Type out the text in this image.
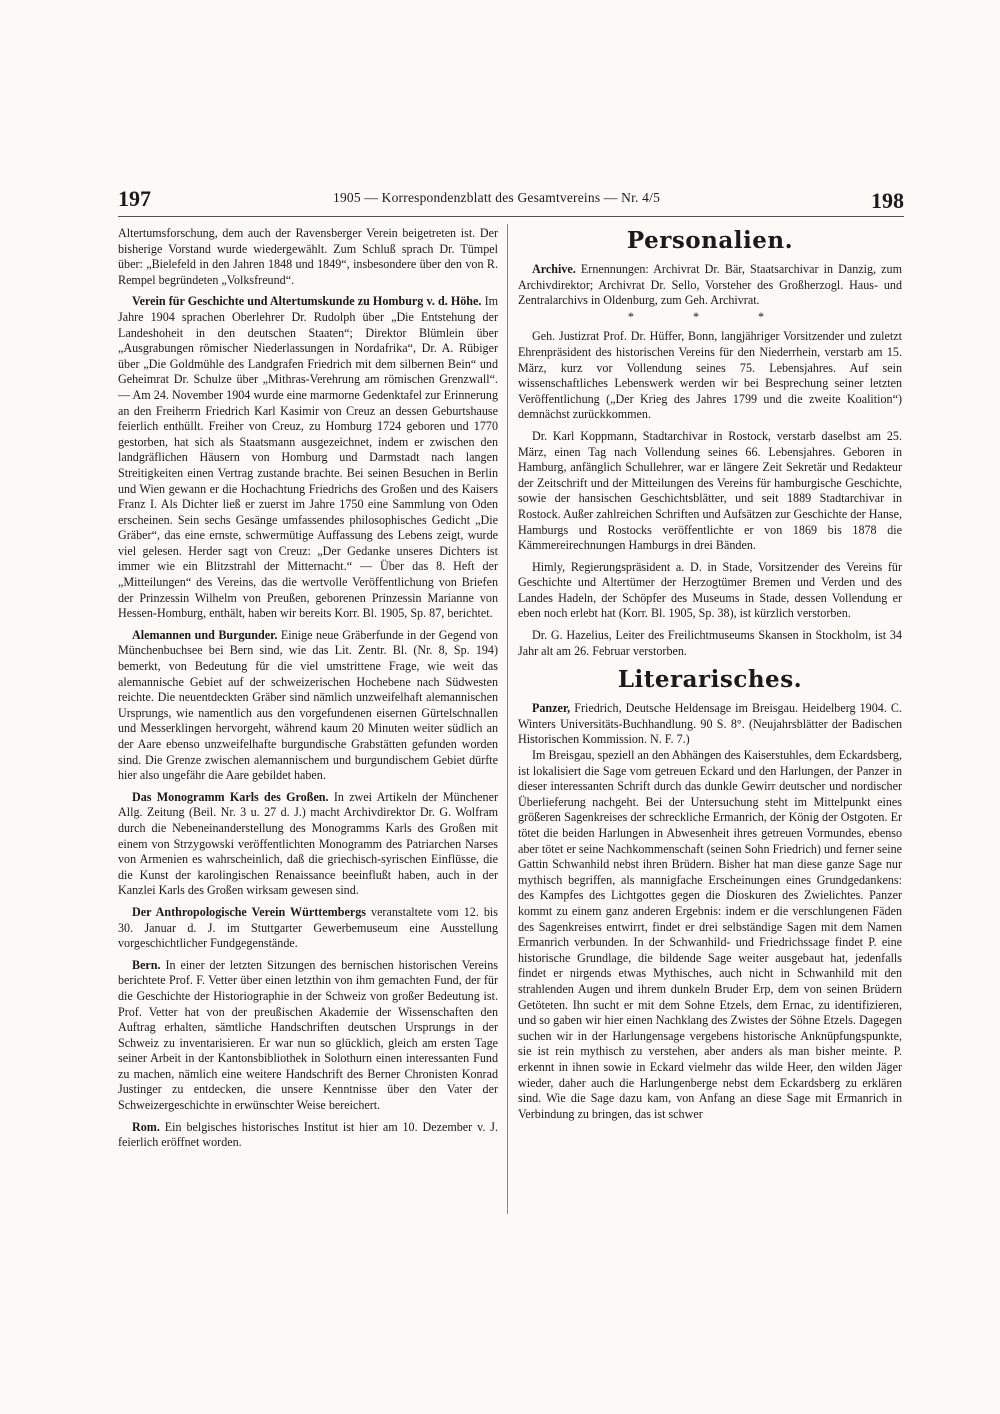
197	1905 — Korrespondenzblatt des Gesamtvereins — Nr. 4/5	198

Altertumsforschung, dem auch der Ravensberger Verein beigetreten ist. Der bisherige Vorstand wurde wiedergewählt. Zum Schluß sprach Dr. Tümpel über: „Bielefeld in den Jahren 1848 und 1849“, insbesondere über den von R. Rempel begründeten „Volksfreund“.

Verein für Geschichte und Altertumskunde zu Homburg v. d. Höhe. Im Jahre 1904 sprachen Oberlehrer Dr. Rudolph über „Die Entstehung der Landeshoheit in den deutschen Staaten“; Direktor Blümlein über „Ausgrabungen römischer Niederlassungen in Nordafrika“, Dr. A. Rübiger über „Die Goldmühle des Landgrafen Friedrich mit dem silbernen Bein“ und Geheimrat Dr. Schulze über „Mithras-Verehrung am römischen Grenzwall“. — Am 24. November 1904 wurde eine marmorne Gedenktafel zur Erinnerung an den Freiherrn Friedrich Karl Kasimir von Creuz an dessen Geburtshause feierlich enthüllt. Freiher von Creuz, zu Homburg 1724 geboren und 1770 gestorben, hat sich als Staatsmann ausgezeichnet, indem er zwischen den landgräflichen Häusern von Homburg und Darmstadt nach langen Streitigkeiten einen Vertrag zustande brachte. Bei seinen Besuchen in Berlin und Wien gewann er die Hochachtung Friedrichs des Großen und des Kaisers Franz I. Als Dichter ließ er zuerst im Jahre 1750 eine Sammlung von Oden erscheinen. Sein sechs Gesänge umfassendes philosophisches Gedicht „Die Gräber“, das eine ernste, schwermütige Auffassung des Lebens zeigt, wurde viel gelesen. Herder sagt von Creuz: „Der Gedanke unseres Dichters ist immer wie ein Blitzstrahl der Mitternacht.“ — Über das 8. Heft der „Mitteilungen“ des Vereins, das die wertvolle Veröffentlichung von Briefen der Prinzessin Wilhelm von Preußen, geborenen Prinzessin Marianne von Hessen-Homburg, enthält, haben wir bereits Korr. Bl. 1905, Sp. 87, berichtet.

Alemannen und Burgunder. Einige neue Gräberfunde in der Gegend von Münchenbuchsee bei Bern sind, wie das Lit. Zentr. Bl. (Nr. 8, Sp. 194) bemerkt, von Bedeutung für die viel umstrittene Frage, wie weit das alemannische Gebiet auf der schweizerischen Hochebene nach Südwesten reichte. Die neuentdeckten Gräber sind nämlich unzweifelhaft alemannischen Ursprungs, wie namentlich aus den vorgefundenen eisernen Gürtelschnallen und Messerklingen hervorgeht, während kaum 20 Minuten weiter südlich an der Aare ebenso unzweifelhafte burgundische Grabstätten gefunden worden sind. Die Grenze zwischen alemannischem und burgundischem Gebiet dürfte hier also ungefähr die Aare gebildet haben.

Das Monogramm Karls des Großen. In zwei Artikeln der Münchener Allg. Zeitung (Beil. Nr. 3 u. 27 d. J.) macht Archivdirektor Dr. G. Wolfram durch die Nebeneinanderstellung des Monogramms Karls des Großen mit einem von Strzygowski veröffentlichten Monogramm des Patriarchen Narses von Armenien es wahrscheinlich, daß die griechisch-syrischen Einflüsse, die die Kunst der karolingischen Renaissance beeinflußt haben, auch in der Kanzlei Karls des Großen wirksam gewesen sind.

Der Anthropologische Verein Württembergs veranstaltete vom 12. bis 30. Januar d. J. im Stuttgarter Gewerbemuseum eine Ausstellung vorgeschichtlicher Fundgegenstände.

Bern. In einer der letzten Sitzungen des bernischen historischen Vereins berichtete Prof. F. Vetter über einen letzthin von ihm gemachten Fund, der für die Geschichte der Historiographie in der Schweiz von großer Bedeutung ist. Prof. Vetter hat von der preußischen Akademie der Wissenschaften den Auftrag erhalten, sämtliche Handschriften deutschen Ursprungs in der Schweiz zu inventarisieren. Er war nun so glücklich, gleich am ersten Tage seiner Arbeit in der Kantonsbibliothek in Solothurn einen interessanten Fund zu machen, nämlich eine weitere Handschrift des Berner Chronisten Konrad Justinger zu entdecken, die unsere Kenntnisse über den Vater der Schweizergeschichte in erwünschter Weise bereichert.

Rom. Ein belgisches historisches Institut ist hier am 10. Dezember v. J. feierlich eröffnet worden.

Personalien.

Archive. Ernennungen: Archivrat Dr. Bär, Staatsarchivar in Danzig, zum Archivdirektor; Archivrat Dr. Sello, Vorsteher des Großherzogl. Haus- und Zentralarchivs in Oldenburg, zum Geh. Archivrat.

* * *

Geh. Justizrat Prof. Dr. Hüffer, Bonn, langjähriger Vorsitzender und zuletzt Ehrenpräsident des historischen Vereins für den Niederrhein, verstarb am 15. März, kurz vor Vollendung seines 75. Lebensjahres. Auf sein wissenschaftliches Lebenswerk werden wir bei Besprechung seiner letzten Veröffentlichung („Der Krieg des Jahres 1799 und die zweite Koalition“) demnächst zurückkommen.

Dr. Karl Koppmann, Stadtarchivar in Rostock, verstarb daselbst am 25. März, einen Tag nach Vollendung seines 66. Lebensjahres. Geboren in Hamburg, anfänglich Schullehrer, war er längere Zeit Sekretär und Redakteur der Zeitschrift und der Mitteilungen des Vereins für hamburgische Geschichte, sowie der hansischen Geschichtsblätter, und seit 1889 Stadtarchivar in Rostock. Außer zahlreichen Schriften und Aufsätzen zur Geschichte der Hanse, Hamburgs und Rostocks veröffentlichte er von 1869 bis 1878 die Kämmereirechnungen Hamburgs in drei Bänden.

Himly, Regierungspräsident a. D. in Stade, Vorsitzender des Vereins für Geschichte und Altertümer der Herzogtümer Bremen und Verden und des Landes Hadeln, der Schöpfer des Museums in Stade, dessen Vollendung er eben noch erlebt hat (Korr. Bl. 1905, Sp. 38), ist kürzlich verstorben.

Dr. G. Hazelius, Leiter des Freilichtmuseums Skansen in Stockholm, ist 34 Jahr alt am 26. Februar verstorben.

Literarisches.

Panzer, Friedrich, Deutsche Heldensage im Breisgau. Heidelberg 1904. C. Winters Universitäts-Buchhandlung. 90 S. 8°. (Neujahrsblätter der Badischen Historischen Kommission. N. F. 7.)

Im Breisgau, speziell an den Abhängen des Kaiserstuhles, dem Eckardsberg, ist lokalisiert die Sage vom getreuen Eckard und den Harlungen, der Panzer in dieser interessanten Schrift durch das dunkle Gewirr deutscher und nordischer Überlieferung nachgeht. Bei der Untersuchung steht im Mittelpunkt eines größeren Sagenkreises der schreckliche Ermanrich, der König der Ostgoten. Er tötet die beiden Harlungen in Abwesenheit ihres getreuen Vormundes, ebenso aber tötet er seine Nachkommenschaft (seinen Sohn Friedrich) und ferner seine Gattin Schwanhild nebst ihren Brüdern. Bisher hat man diese ganze Sage nur mythisch begriffen, als mannigfache Erscheinungen eines Grundgedankens: des Kampfes des Lichtgottes gegen die Dioskuren des Zwielichtes. Panzer kommt zu einem ganz anderen Ergebnis: indem er die verschlungenen Fäden des Sagenkreises entwirrt, findet er drei selbständige Sagen mit dem Namen Ermanrich verbunden. In der Schwanhild- und Friedrichssage findet P. eine historische Grundlage, die bildende Sage weiter ausgebaut hat, jedenfalls findet er nirgends etwas Mythisches, auch nicht in Schwanhild mit den strahlenden Augen und ihrem dunkeln Bruder Erp, dem von seinen Brüdern Getöteten. Ihn sucht er mit dem Sohne Etzels, dem Ernac, zu identifizieren, und so gaben wir hier einen Nachklang des Zwistes der Söhne Etzels. Dagegen suchen wir in der Harlungensage vergebens historische Anknüpfungspunkte, sie ist rein mythisch zu verstehen, aber anders als man bisher meinte. P. erkennt in ihnen sowie in Eckard vielmehr das wilde Heer, den wilden Jäger wieder, daher auch die Harlungenberge nebst dem Eckardsberg zu erklären sind. Wie die Sage dazu kam, von Anfang an diese Sage mit Ermanrich in Verbindung zu bringen, das ist schwer
